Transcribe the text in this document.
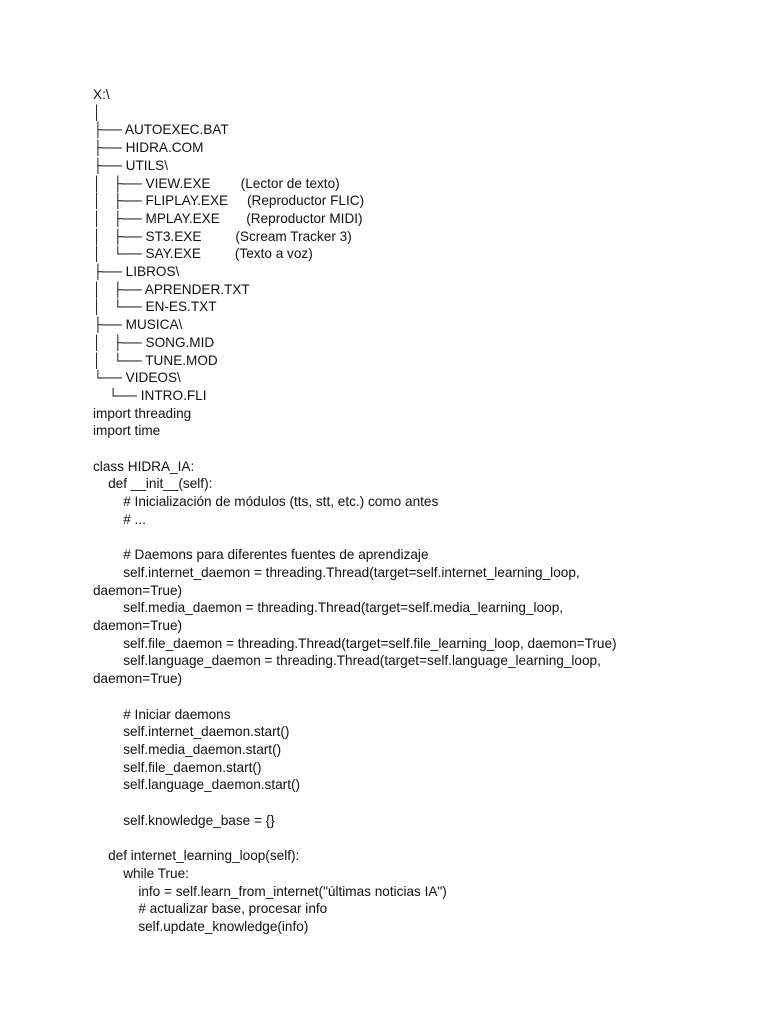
X:\
│
├── AUTOEXEC.BAT
├── HIDRA.COM
├── UTILS\
│   ├── VIEW.EXE        (Lector de texto)
│   ├── FLIPLAY.EXE     (Reproductor FLIC)
│   ├── MPLAY.EXE       (Reproductor MIDI)
│   ├── ST3.EXE         (Scream Tracker 3)
│   └── SAY.EXE         (Texto a voz)
├── LIBROS\
│   ├── APRENDER.TXT
│   └── EN-ES.TXT
├── MUSICA\
│   ├── SONG.MID
│   └── TUNE.MOD
└── VIDEOS\
└── INTRO.FLI
import threading
import time
class HIDRA_IA:
def __init__(self):
# Inicialización de módulos (tts, stt, etc.) como antes
# ...
# Daemons para diferentes fuentes de aprendizaje
self.internet_daemon = threading.Thread(target=self.internet_learning_loop,
daemon=True)
self.media_daemon = threading.Thread(target=self.media_learning_loop,
daemon=True)
self.file_daemon = threading.Thread(target=self.file_learning_loop, daemon=True)
self.language_daemon = threading.Thread(target=self.language_learning_loop,
daemon=True)
# Iniciar daemons
self.internet_daemon.start()
self.media_daemon.start()
self.file_daemon.start()
self.language_daemon.start()
self.knowledge_base = {}
def internet_learning_loop(self):
while True:
info = self.learn_from_internet("últimas noticias IA")
# actualizar base, procesar info
self.update_knowledge(info)
